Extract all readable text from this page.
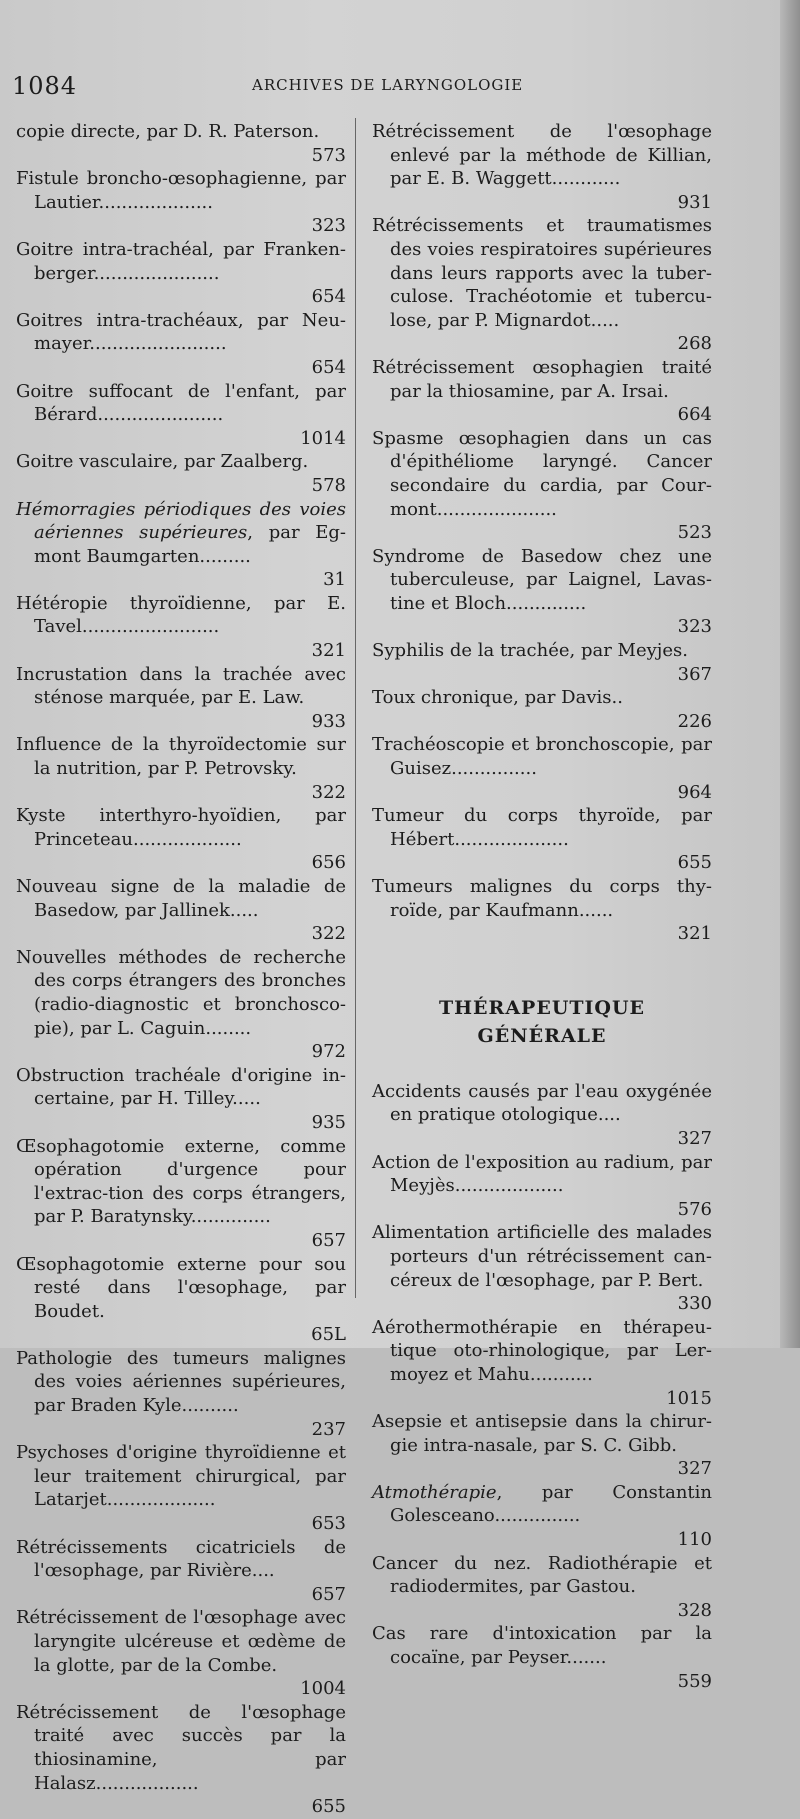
1084	ARCHIVES DE LARYNGOLOGIE
copie directe, par D. R. Paterson.
573
Fistule broncho-œsophagienne, par Lautier....................
323
Goitre intra-trachéal, par Franken-berger......................
654
Goitres intra-trachéaux, par Neu-mayer........................
654
Goitre suffocant de l'enfant, par Bérard......................
1014
Goitre vasculaire, par Zaalberg.
578
Hémorragies périodiques des voies aériennes supérieures, par Eg-mont Baumgarten.........
31
Hétéropie thyroïdienne, par E. Tavel........................
321
Incrustation dans la trachée avec sténose marquée, par E. Law.
933
Influence de la thyroïdectomie sur la nutrition, par P. Petrovsky.
322
Kyste interthyro-hyoïdien, par Princeteau...................
656
Nouveau signe de la maladie de Basedow, par Jallinek.....
322
Nouvelles méthodes de recherche des corps étrangers des bronches (radio-diagnostic et bronchosco-pie), par L. Caguin........
972
Obstruction trachéale d'origine in-certaine, par H. Tilley.....
935
Œsophagotomie externe, comme opération d'urgence pour l'extrac-tion des corps étrangers, par P. Baratynsky..............
657
Œsophagotomie externe pour sou resté dans l'œsophage, par Boudet.
65L
Pathologie des tumeurs malignes des voies aériennes supérieures, par Braden Kyle..........
237
Psychoses d'origine thyroïdienne et leur traitement chirurgical, par Latarjet...................
653
Rétrécissements cicatriciels de l'œsophage, par Rivière....
657
Rétrécissement de l'œsophage avec laryngite ulcéreuse et œdème de la glotte, par de la Combe.
1004
Rétrécissement de l'œsophage traité avec succès par la thiosinamine, par Halasz..................
655
Rétrécissement de l'œsophage enlevé par la méthode de Killian, par E. B. Waggett............
931
Rétrécissements et traumatismes des voies respiratoires supérieures dans leurs rapports avec la tuber-culose. Trachéotomie et tubercu-lose, par P. Mignardot.....
268
Rétrécissement œsophagien traité par la thiosamine, par A. Irsai.
664
Spasme œsophagien dans un cas d'épithéliome laryngé. Cancer secondaire du cardia, par Cour-mont.....................
523
Syndrome de Basedow chez une tuberculeuse, par Laignel, Lavas-tine et Bloch..............
323
Syphilis de la trachée, par Meyjes.
367
Toux chronique, par Davis..
226
Trachéoscopie et bronchoscopie, par Guisez...............
964
Tumeur du corps thyroïde, par Hébert....................
655
Tumeurs malignes du corps thy-roïde, par Kaufmann......
321
THÉRAPEUTIQUE
GÉNÉRALE
Accidents causés par l'eau oxygénée en pratique otologique....
327
Action de l'exposition au radium, par Meyjès...................
576
Alimentation artificielle des malades porteurs d'un rétrécissement can-céreux de l'œsophage, par P. Bert.
330
Aérothermothérapie en thérapeu-tique oto-rhinologique, par Ler-moyez et Mahu...........
1015
Asepsie et antisepsie dans la chirur-gie intra-nasale, par S. C. Gibb.
327
Atmothérapie, par Constantin Golesceano...............
110
Cancer du nez. Radiothérapie et radiodermites, par Gastou.
328
Cas rare d'intoxication par la cocaïne, par Peyser.......
559
